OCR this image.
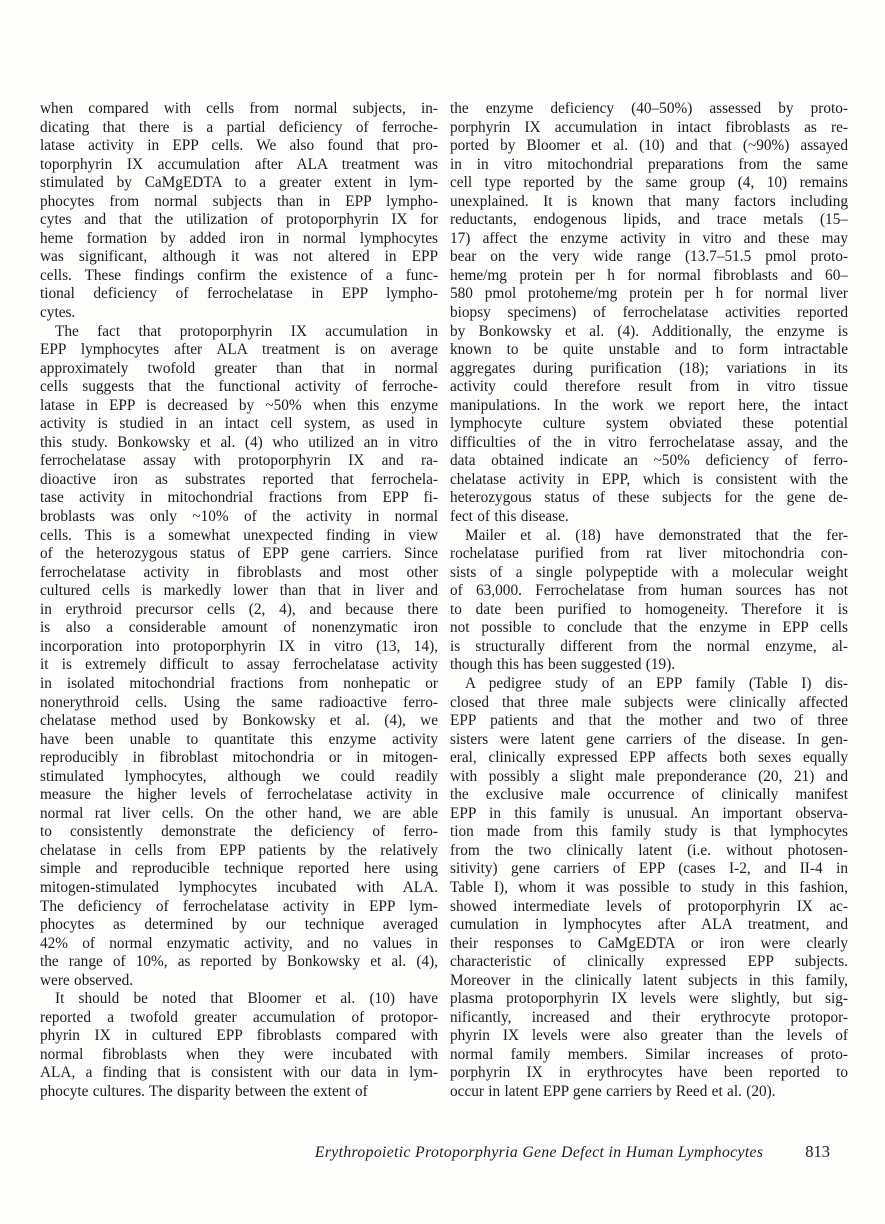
when compared with cells from normal subjects, in-
dicating that there is a partial deficiency of ferroche-
latase activity in EPP cells. We also found that pro-
toporphyrin IX accumulation after ALA treatment was
stimulated by CaMgEDTA to a greater extent in lym-
phocytes from normal subjects than in EPP lympho-
cytes and that the utilization of protoporphyrin IX for
heme formation by added iron in normal lymphocytes
was significant, although it was not altered in EPP
cells. These findings confirm the existence of a func-
tional deficiency of ferrochelatase in EPP lympho-
cytes.

The fact that protoporphyrin IX accumulation in
EPP lymphocytes after ALA treatment is on average
approximately twofold greater than that in normal
cells suggests that the functional activity of ferroche-
latase in EPP is decreased by ~50% when this enzyme
activity is studied in an intact cell system, as used in
this study. Bonkowsky et al. (4) who utilized an in vitro
ferrochelatase assay with protoporphyrin IX and ra-
dioactive iron as substrates reported that ferrochela-
tase activity in mitochondrial fractions from EPP fi-
broblasts was only ~10% of the activity in normal
cells. This is a somewhat unexpected finding in view
of the heterozygous status of EPP gene carriers. Since
ferrochelatase activity in fibroblasts and most other
cultured cells is markedly lower than that in liver and
in erythroid precursor cells (2, 4), and because there
is also a considerable amount of nonenzymatic iron
incorporation into protoporphyrin IX in vitro (13, 14),
it is extremely difficult to assay ferrochelatase activity
in isolated mitochondrial fractions from nonhepatic or
nonerythroid cells. Using the same radioactive ferro-
chelatase method used by Bonkowsky et al. (4), we
have been unable to quantitate this enzyme activity
reproducibly in fibroblast mitochondria or in mitogen-
stimulated lymphocytes, although we could readily
measure the higher levels of ferrochelatase activity in
normal rat liver cells. On the other hand, we are able
to consistently demonstrate the deficiency of ferro-
chelatase in cells from EPP patients by the relatively
simple and reproducible technique reported here using
mitogen-stimulated lymphocytes incubated with ALA.
The deficiency of ferrochelatase activity in EPP lym-
phocytes as determined by our technique averaged
42% of normal enzymatic activity, and no values in
the range of 10%, as reported by Bonkowsky et al. (4),
were observed.

It should be noted that Bloomer et al. (10) have
reported a twofold greater accumulation of protopor-
phyrin IX in cultured EPP fibroblasts compared with
normal fibroblasts when they were incubated with
ALA, a finding that is consistent with our data in lym-
phocyte cultures. The disparity between the extent of

the enzyme deficiency (40–50%) assessed by proto-
porphyrin IX accumulation in intact fibroblasts as re-
ported by Bloomer et al. (10) and that (~90%) assayed
in in vitro mitochondrial preparations from the same
cell type reported by the same group (4, 10) remains
unexplained. It is known that many factors including
reductants, endogenous lipids, and trace metals (15–
17) affect the enzyme activity in vitro and these may
bear on the very wide range (13.7–51.5 pmol proto-
heme/mg protein per h for normal fibroblasts and 60–
580 pmol protoheme/mg protein per h for normal liver
biopsy specimens) of ferrochelatase activities reported
by Bonkowsky et al. (4). Additionally, the enzyme is
known to be quite unstable and to form intractable
aggregates during purification (18); variations in its
activity could therefore result from in vitro tissue
manipulations. In the work we report here, the intact
lymphocyte culture system obviated these potential
difficulties of the in vitro ferrochelatase assay, and the
data obtained indicate an ~50% deficiency of ferro-
chelatase activity in EPP, which is consistent with the
heterozygous status of these subjects for the gene de-
fect of this disease.

Mailer et al. (18) have demonstrated that the fer-
rochelatase purified from rat liver mitochondria con-
sists of a single polypeptide with a molecular weight
of 63,000. Ferrochelatase from human sources has not
to date been purified to homogeneity. Therefore it is
not possible to conclude that the enzyme in EPP cells
is structurally different from the normal enzyme, al-
though this has been suggested (19).

A pedigree study of an EPP family (Table I) dis-
closed that three male subjects were clinically affected
EPP patients and that the mother and two of three
sisters were latent gene carriers of the disease. In gen-
eral, clinically expressed EPP affects both sexes equally
with possibly a slight male preponderance (20, 21) and
the exclusive male occurrence of clinically manifest
EPP in this family is unusual. An important observa-
tion made from this family study is that lymphocytes
from the two clinically latent (i.e. without photosen-
sitivity) gene carriers of EPP (cases I-2, and II-4 in
Table I), whom it was possible to study in this fashion,
showed intermediate levels of protoporphyrin IX ac-
cumulation in lymphocytes after ALA treatment, and
their responses to CaMgEDTA or iron were clearly
characteristic of clinically expressed EPP subjects.
Moreover in the clinically latent subjects in this family,
plasma protoporphyrin IX levels were slightly, but sig-
nificantly, increased and their erythrocyte protopor-
phyrin IX levels were also greater than the levels of
normal family members. Similar increases of proto-
porphyrin IX in erythrocytes have been reported to
occur in latent EPP gene carriers by Reed et al. (20).

Erythropoietic Protoporphyria Gene Defect in Human Lymphocytes	813
